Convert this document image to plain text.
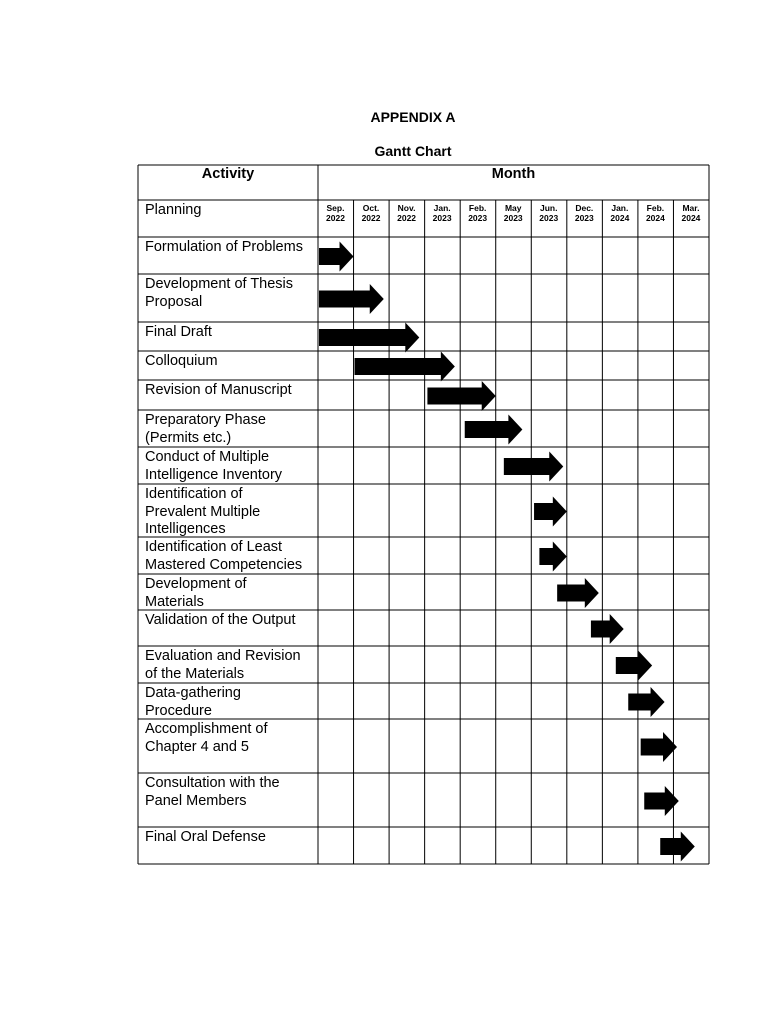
APPENDIX A
Gantt Chart
Activity	Month
Planning	Sep.
2022
Oct.
2022
Nov.
2022
Jan.
2023
Feb.
2023
May
2023
Jun.
2023
Dec.
2023
Jan.
2024
Feb.
2024
Mar.
2024
Formulation of Problems
Development of Thesis
Proposal
Final Draft
Colloquium
Revision of Manuscript
Preparatory Phase
(Permits etc.)
Conduct of Multiple
Intelligence Inventory
Identification of
Prevalent Multiple
Intelligences
Identification of Least
Mastered Competencies
Development of
Materials
Validation of the Output
Evaluation and Revision
of the Materials
Data-gathering
Procedure
Accomplishment of
Chapter 4 and 5
Consultation with the
Panel Members
Final Oral Defense
